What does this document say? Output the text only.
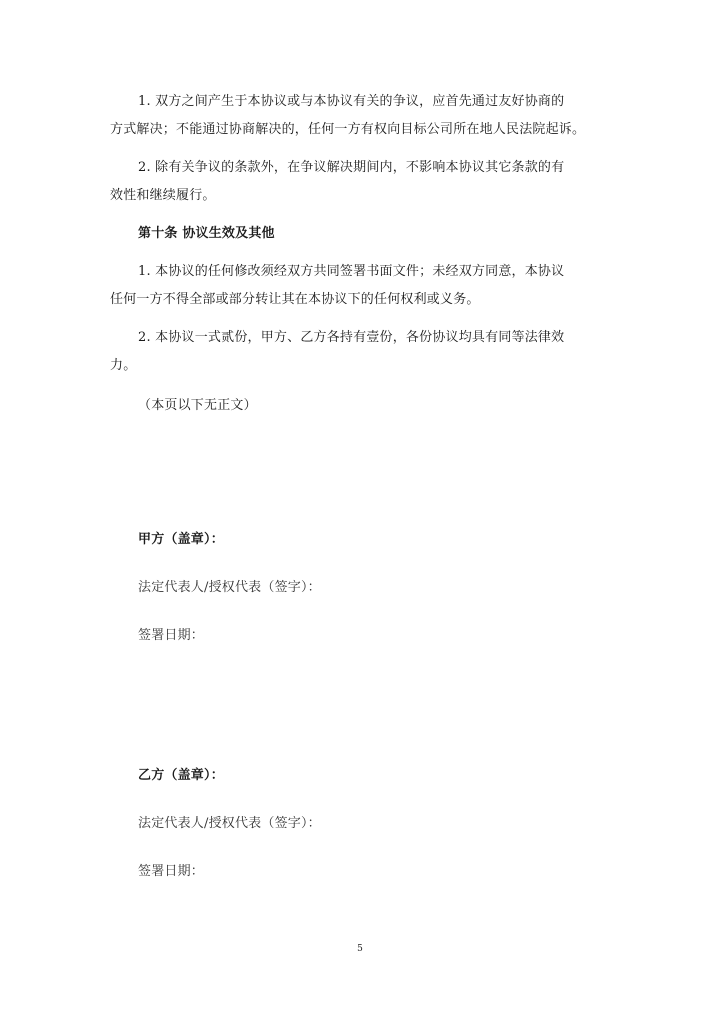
1. 双方之间产生于本协议或与本协议有关的争议，应首先通过友好协商的

方式解决；不能通过协商解决的，任何一方有权向目标公司所在地人民法院起诉。

2. 除有关争议的条款外，在争议解决期间内，不影响本协议其它条款的有

效性和继续履行。

第十条 协议生效及其他

1. 本协议的任何修改须经双方共同签署书面文件；未经双方同意，本协议

任何一方不得全部或部分转让其在本协议下的任何权利或义务。

2. 本协议一式贰份，甲方、乙方各持有壹份，各份协议均具有同等法律效

力。

（本页以下无正文）

甲方（盖章）：

法定代表人/授权代表（签字）：

签署日期：

乙方（盖章）：

法定代表人/授权代表（签字）：

签署日期：

5
